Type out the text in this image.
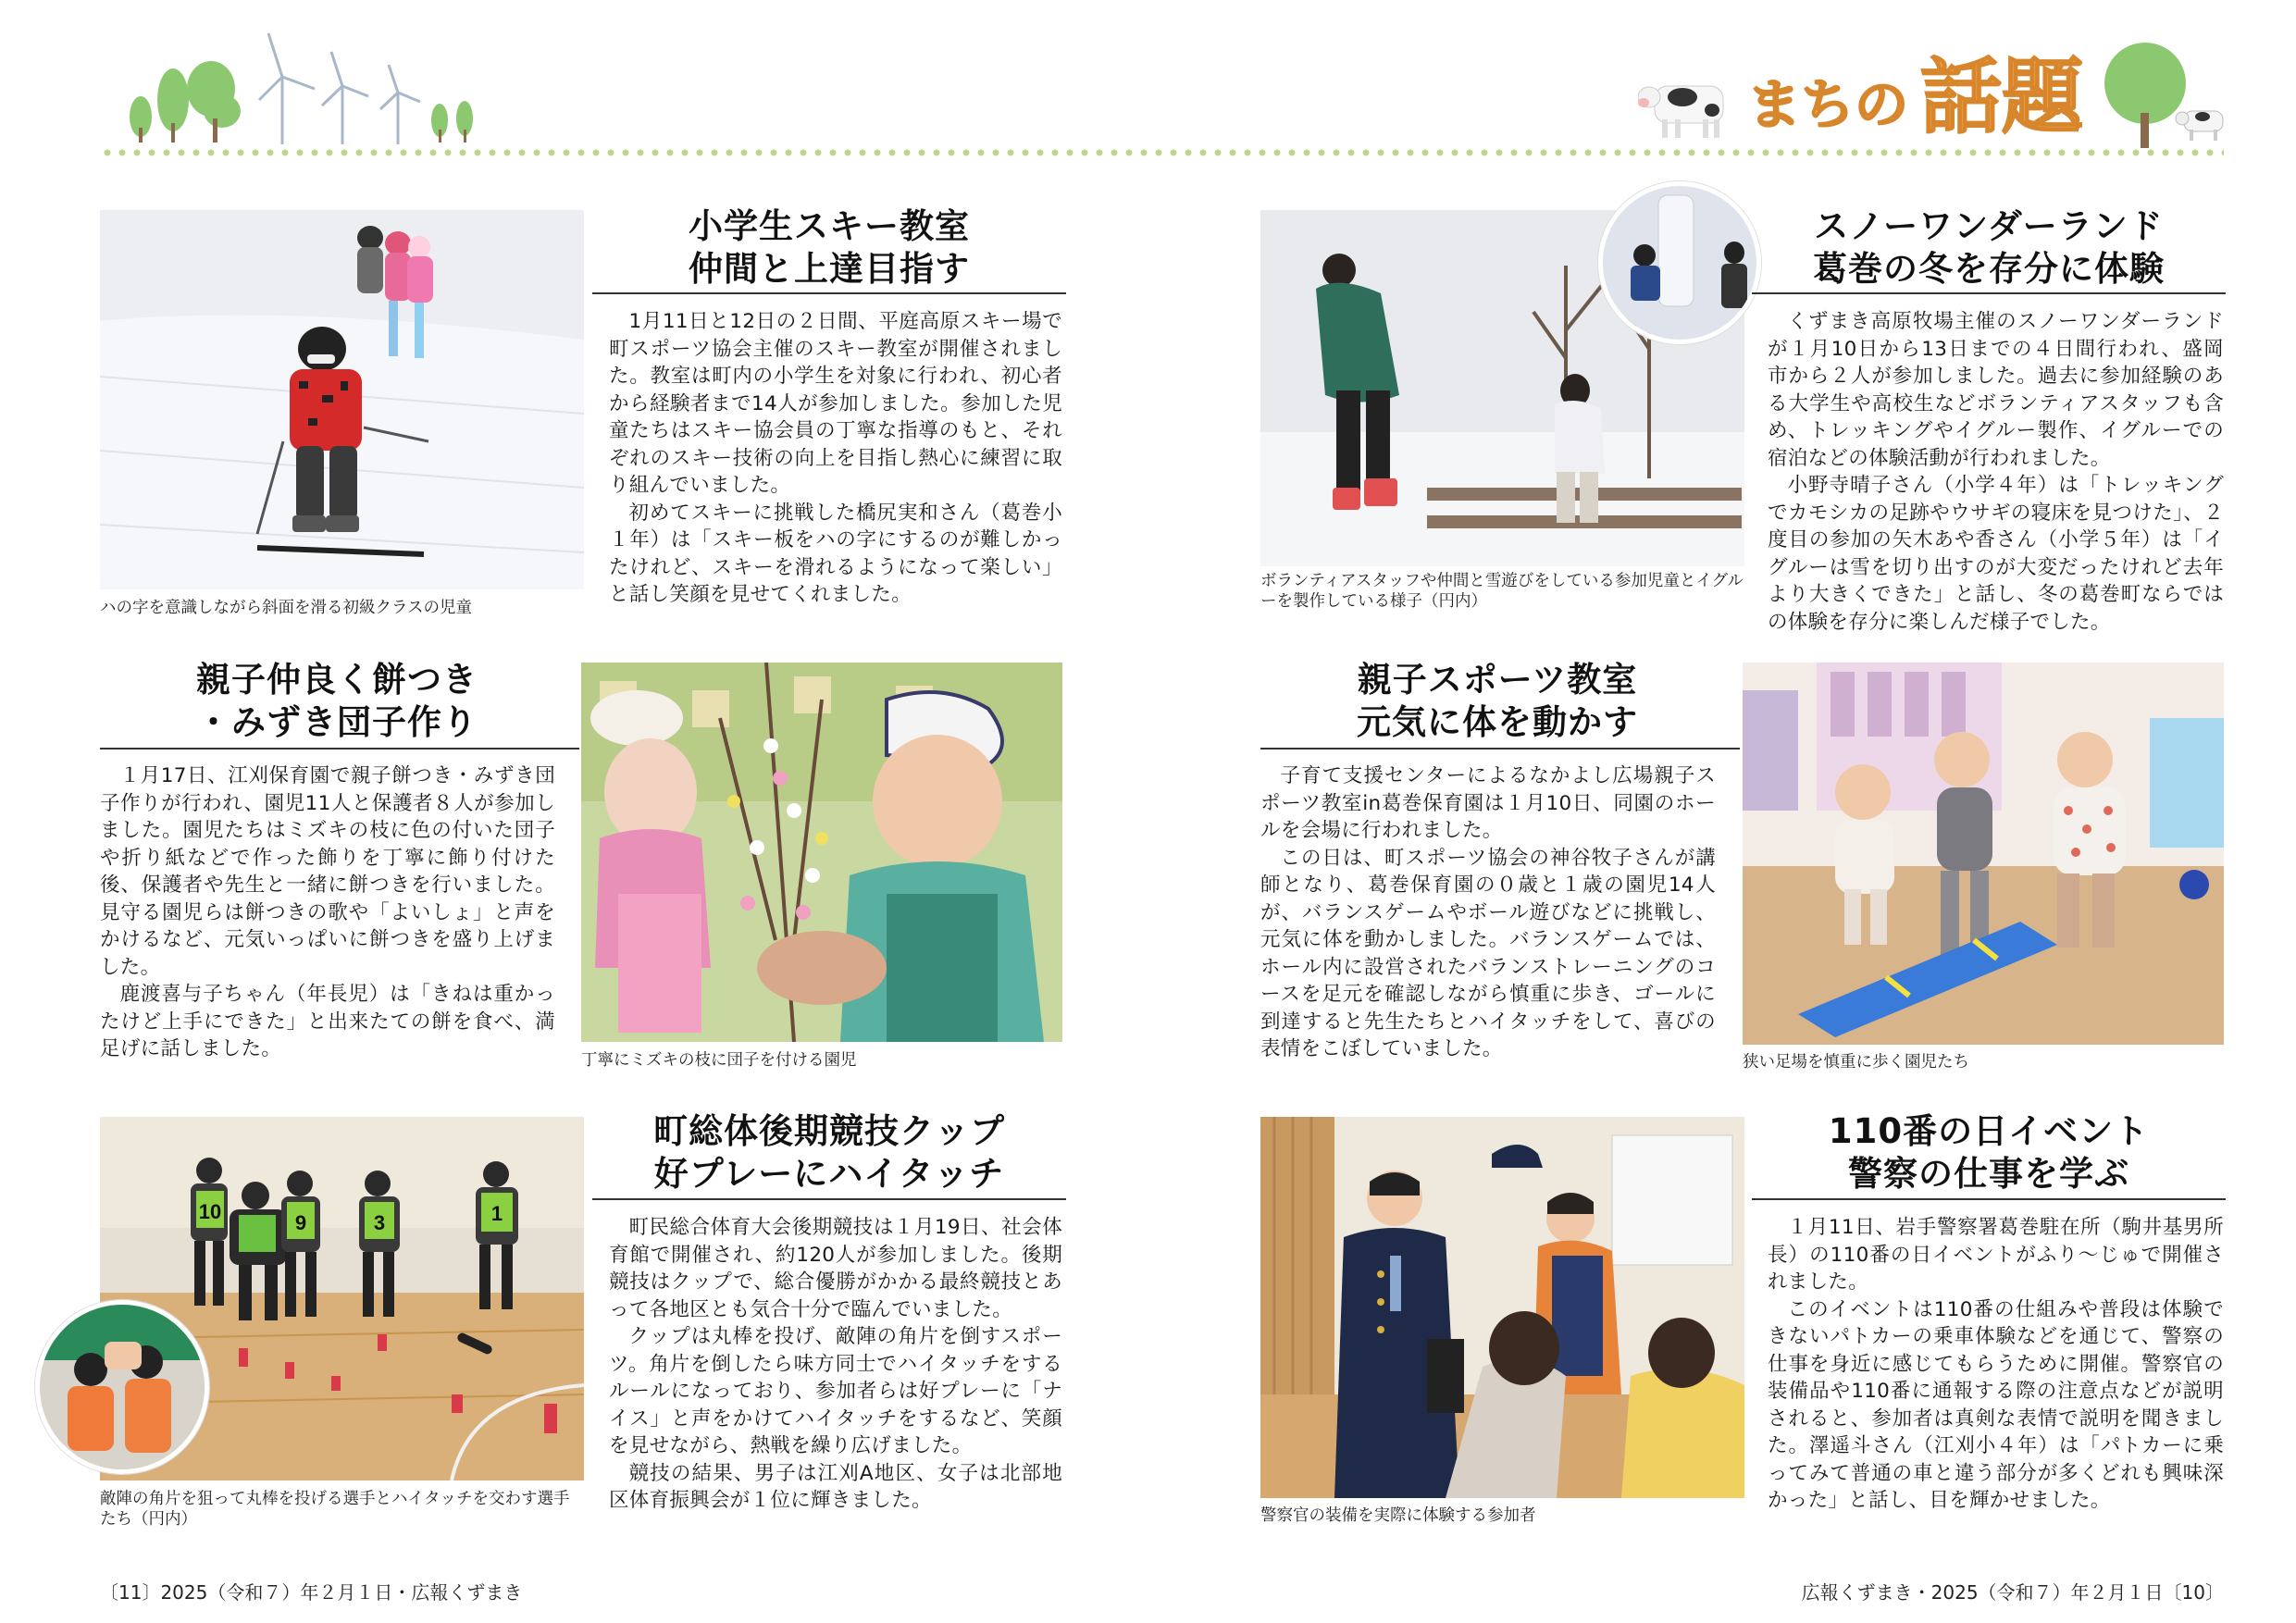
まちの 話題
ハの字を意識しながら斜面を滑る初級クラスの児童
小学生スキー教室
仲間と上達目指す

1月11日と12日の２日間、平庭高原スキー場で町スポーツ協会主催のスキー教室が開催されました。教室は町内の小学生を対象に行われ、初心者から経験者まで14人が参加しました。参加した児童たちはスキー協会員の丁寧な指導のもと、それぞれのスキー技術の向上を目指し熱心に練習に取り組んでいました。

初めてスキーに挑戦した橋尻実和さん（葛巻小１年）は「スキー板をハの字にするのが難しかったけれど、スキーを滑れるようになって楽しい」と話し笑顔を見せてくれました。

ボランティアスタッフや仲間と雪遊びをしている参加児童とイグルーを製作している様子（円内）
スノーワンダーランド
葛巻の冬を存分に体験

くずまき高原牧場主催のスノーワンダーランドが１月10日から13日までの４日間行われ、盛岡市から２人が参加しました。過去に参加経験のある大学生や高校生などボランティアスタッフも含め、トレッキングやイグルー製作、イグルーでの宿泊などの体験活動が行われました。

小野寺晴子さん（小学４年）は「トレッキングでカモシカの足跡やウサギの寝床を見つけた」、２度目の参加の矢木あや香さん（小学５年）は「イグルーは雪を切り出すのが大変だったけれど去年より大きくできた」と話し、冬の葛巻町ならではの体験を存分に楽しんだ様子でした。

親子仲良く餅つき
・みずき団子作り

１月17日、江刈保育園で親子餅つき・みずき団子作りが行われ、園児11人と保護者８人が参加しました。園児たちはミズキの枝に色の付いた団子や折り紙などで作った飾りを丁寧に飾り付けた後、保護者や先生と一緒に餅つきを行いました。見守る園児らは餅つきの歌や「よいしょ」と声をかけるなど、元気いっぱいに餅つきを盛り上げました。

鹿渡喜与子ちゃん（年長児）は「きねは重かったけど上手にできた」と出来たての餅を食べ、満足げに話しました。	丁寧にミズキの枝に団子を付ける園児
親子スポーツ教室
元気に体を動かす

子育て支援センターによるなかよし広場親子スポーツ教室in葛巻保育園は１月10日、同園のホールを会場に行われました。

この日は、町スポーツ協会の神谷牧子さんが講師となり、葛巻保育園の０歳と１歳の園児14人が、バランスゲームやボール遊びなどに挑戦し、元気に体を動かしました。バランスゲームでは、ホール内に設営されたバランストレーニングのコースを足元を確認しながら慎重に歩き、ゴールに到達すると先生たちとハイタッチをして、喜びの表情をこぼしていました。

狭い足場を慎重に歩く園児たち
10	9	3	1
敵陣の角片を狙って丸棒を投げる選手とハイタッチを交わす選手たち（円内）
町総体後期競技クップ
好プレーにハイタッチ

町民総合体育大会後期競技は１月19日、社会体育館で開催され、約120人が参加しました。後期競技はクップで、総合優勝がかかる最終競技とあって各地区とも気合十分で臨んでいました。

クップは丸棒を投げ、敵陣の角片を倒すスポーツ。角片を倒したら味方同士でハイタッチをするルールになっており、参加者らは好プレーに「ナイス」と声をかけてハイタッチをするなど、笑顔を見せながら、熱戦を繰り広げました。

競技の結果、男子は江刈A地区、女子は北部地区体育振興会が１位に輝きました。

警察官の装備を実際に体験する参加者
110番の日イベント
警察の仕事を学ぶ

１月11日、岩手警察署葛巻駐在所（駒井基男所長）の110番の日イベントがふり～じゅで開催されました。

このイベントは110番の仕組みや普段は体験できないパトカーの乗車体験などを通じて、警察の仕事を身近に感じてもらうために開催。警察官の装備品や110番に通報する際の注意点などが説明されると、参加者は真剣な表情で説明を聞きました。澤遥斗さん（江刈小４年）は「パトカーに乗ってみて普通の車と違う部分が多くどれも興味深かった」と話し、目を輝かせました。

〔11〕2025（令和７）年２月１日・広報くずまき	広報くずまき・2025（令和７）年２月１日〔10〕
